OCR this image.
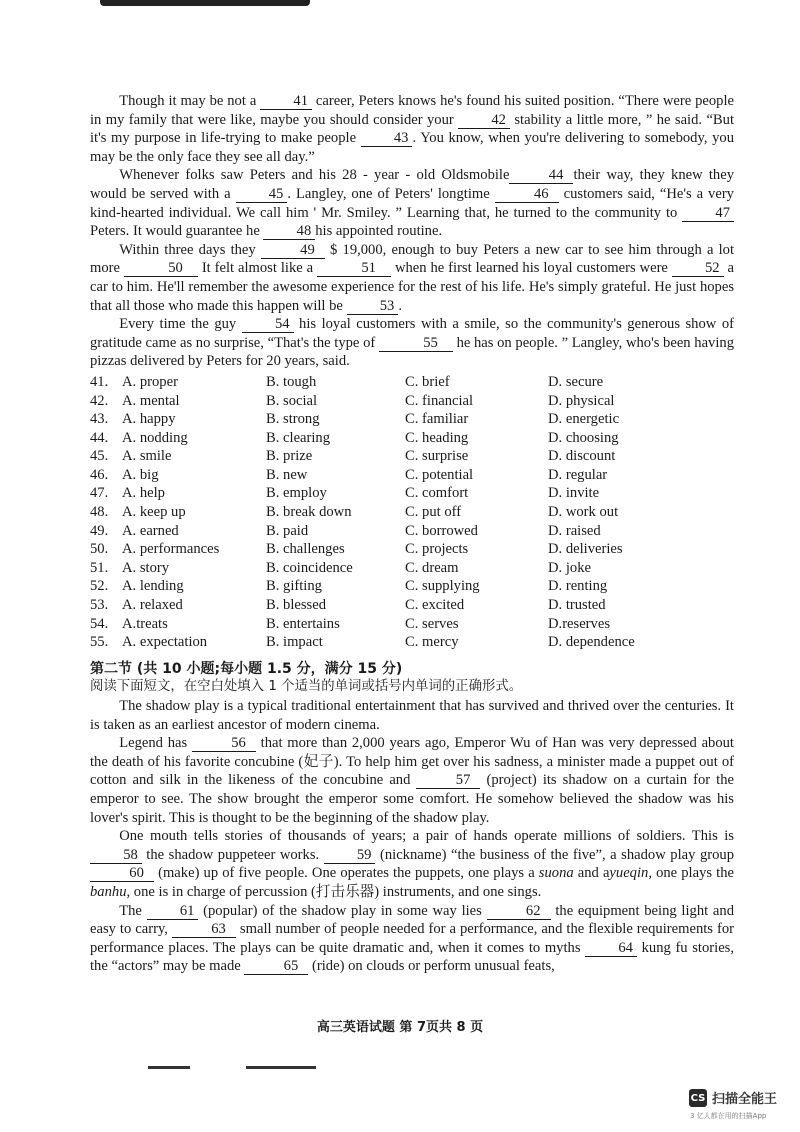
Though it may be not a 41 career, Peters knows he's found his suited position. “There were people in my family that were like, maybe you should consider your 42 stability a little more, ” he said. “But it's my purpose in life-trying to make people 43 . You know, when you're delivering to somebody, you may be the only face they see all day.”

Whenever folks saw Peters and his 28 - year - old Oldsmobile	44 their way, they knew they would be served with a 45 . Langley, one of Peters' longtime	46 customers said, “He's a very kind-hearted individual. We call him ' Mr. Smiley. ” Learning that, he turned to the community to 47 Peters. It would guarantee he 48 his appointed routine.

Within three days they	49 $ 19,000, enough to buy Peters a new car to see him through a lot more	50 It felt almost like a	51 when he first learned his loyal customers were 52 a car to him. He'll remember the awesome experience for the rest of his life. He's simply grateful. He just hopes that all those who made this happen will be 53 .

Every time the guy 54 his loyal customers with a smile, so the community's generous show of gratitude came as no surprise, “That's the type of	55 he has on people. ” Langley, who's been having pizzas delivered by Peters for 20 years, said.

41.	A. proper	B. tough	C. brief	D. secure
42.	A. mental	B. social	C. financial	D. physical
43.	A. happy	B. strong	C. familiar	D. energetic
44.	A. nodding	B. clearing	C. heading	D. choosing
45.	A. smile	B. prize	C. surprise	D. discount
46.	A. big	B. new	C. potential	D. regular
47.	A. help	B. employ	C. comfort	D. invite
48.	A. keep up	B. break down	C. put off	D. work out
49.	A. earned	B. paid	C. borrowed	D. raised
50.	A. performances	B. challenges	C. projects	D. deliveries
51.	A. story	B. coincidence	C. dream	D. joke
52.	A. lending	B. gifting	C. supplying	D. renting
53.	A. relaxed	B. blessed	C. excited	D. trusted
54.	A.treats	B. entertains	C. serves	D.reserves
55.	A. expectation	B. impact	C. mercy	D. dependence
第二节 (共 10 小题;每小题 1.5 分，满分 15 分)

阅读下面短文，在空白处填入 1 个适当的单词或括号内单词的正确形式。

The shadow play is a typical traditional entertainment that has survived and thrived over the centuries. It is taken as an earliest ancestor of modern cinema.

Legend has	56 that more than 2,000 years ago, Emperor Wu of Han was very depressed about the death of his favorite concubine (妃子). To help him get over his sadness, a minister made a puppet out of cotton and silk in the likeness of the concubine and	57 (project) its shadow on a curtain for the emperor to see. The show brought the emperor some comfort. He somehow believed the shadow was his lover's spirit. This is thought to be the beginning of the shadow play.

One mouth tells stories of thousands of years; a pair of hands operate millions of soldiers. This is 58 the shadow puppeteer works. 59 (nickname) “the business of the five”, a shadow play group 60 (make) up of five people. One operates the puppets, one plays a suona and ayueqin, one plays the banhu, one is in charge of percussion (打击乐器) instruments, and one sings.

The 61 (popular) of the shadow play in some way lies	62 the equipment being light and easy to carry,	63 small number of people needed for a performance, and the flexible requirements for performance places. The plays can be quite dramatic and, when it comes to myths 64 kung fu stories, the “actors” may be made	65 (ride) on clouds or perform unusual feats,

高三英语试题 第 7页共 8 页
CS 扫描全能王
3 亿人都在用的扫描App
